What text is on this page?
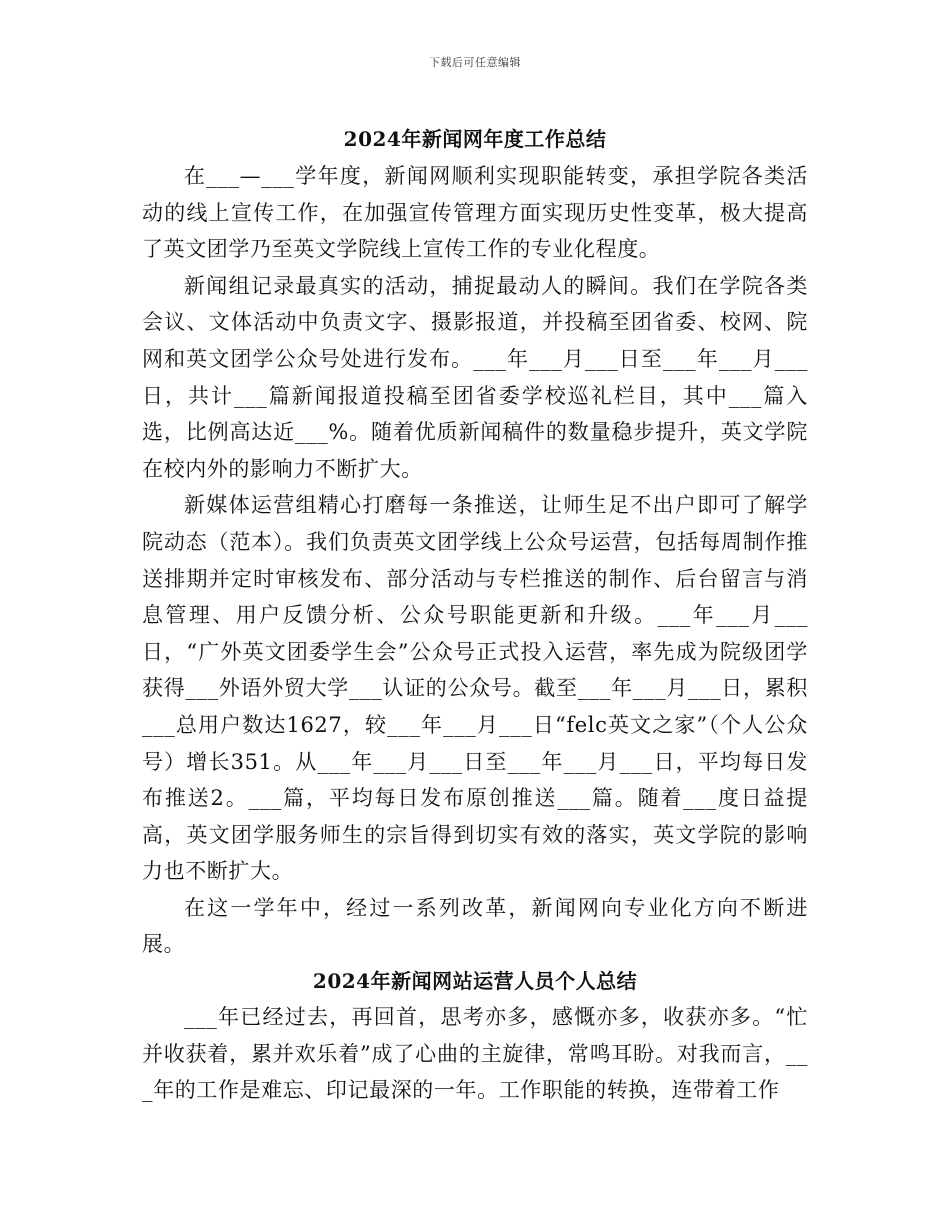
下载后可任意编辑
2024年新闻网年度工作总结

在___—___学年度，新闻网顺利实现职能转变，承担学院各类活动的线上宣传工作，在加强宣传管理方面实现历史性变革，极大提高了英文团学乃至英文学院线上宣传工作的专业化程度。

新闻组记录最真实的活动，捕捉最动人的瞬间。我们在学院各类会议、文体活动中负责文字、摄影报道，并投稿至团省委、校网、院网和英文团学公众号处进行发布。___年___月___日至___年___月___日，共计___篇新闻报道投稿至团省委学校巡礼栏目，其中___篇入选，比例高达近___%。随着优质新闻稿件的数量稳步提升，英文学院在校内外的影响力不断扩大。

新媒体运营组精心打磨每一条推送，让师生足不出户即可了解学院动态（范本）。我们负责英文团学线上公众号运营，包括每周制作推送排期并定时审核发布、部分活动与专栏推送的制作、后台留言与消息管理、用户反馈分析、公众号职能更新和升级。___年___月___日，“广外英文团委学生会”公众号正式投入运营，率先成为院级团学获得___外语外贸大学___认证的公众号。截至___年___月___日，累积___总用户数达1627，较___年___月___日“felc英文之家”（个人公众号）增长351。从___年___月___日至___年___月___日，平均每日发布推送2。___篇，平均每日发布原创推送___篇。随着___度日益提高，英文团学服务师生的宗旨得到切实有效的落实，英文学院的影响力也不断扩大。

在这一学年中，经过一系列改革，新闻网向专业化方向不断进展。

2024年新闻网站运营人员个人总结

___年已经过去，再回首，思考亦多，感慨亦多，收获亦多。“忙并收获着，累并欢乐着”成了心曲的主旋律，常鸣耳盼。对我而言，___年的工作是难忘、印记最深的一年。工作职能的转换，连带着工作
